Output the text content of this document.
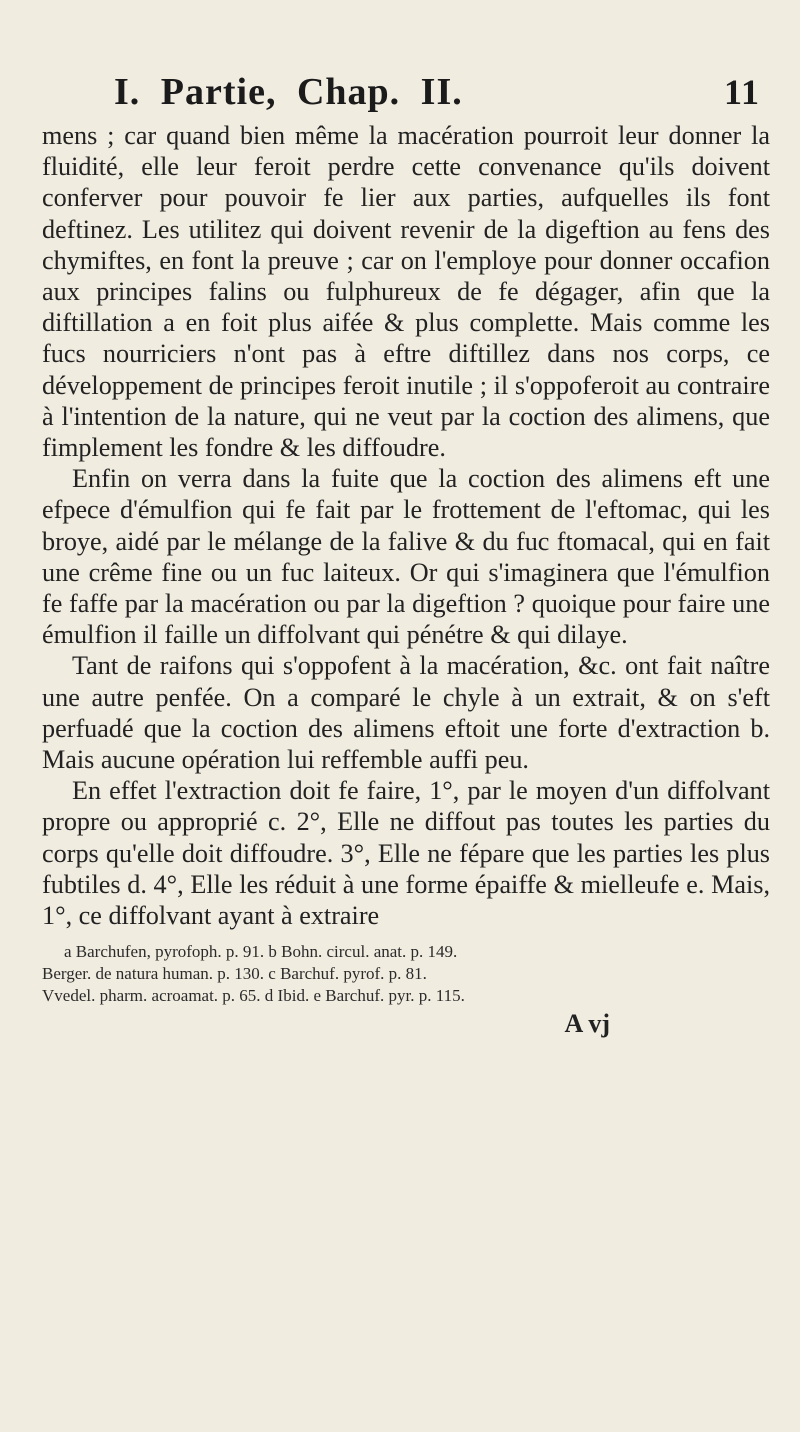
I. Partie, Chap. II.	11

mens ; car quand bien même la macération pourroit leur donner la fluidité, elle leur feroit perdre cette convenance qu'ils doivent conferver pour pouvoir fe lier aux parties, aufquelles ils font deftinez. Les utilitez qui doivent revenir de la digeftion au fens des chymiftes, en font la preuve ; car on l'employe pour donner occafion aux principes falins ou fulphureux de fe dégager, afin que la diftillation a en foit plus aifée & plus complette. Mais comme les fucs nourriciers n'ont pas à eftre diftillez dans nos corps, ce développement de principes feroit inutile ; il s'oppoferoit au contraire à l'intention de la nature, qui ne veut par la coction des alimens, que fimplement les fondre & les diffoudre.

Enfin on verra dans la fuite que la coction des alimens eft une efpece d'émulfion qui fe fait par le frottement de l'eftomac, qui les broye, aidé par le mélange de la falive & du fuc ftomacal, qui en fait une crême fine ou un fuc laiteux. Or qui s'imaginera que l'émulfion fe faffe par la macération ou par la digeftion ? quoique pour faire une émulfion il faille un diffolvant qui pénétre & qui dilaye.

Tant de raifons qui s'oppofent à la macération, &c. ont fait naître une autre penfée. On a comparé le chyle à un extrait, & on s'eft perfuadé que la coction des alimens eftoit une forte d'extraction b. Mais aucune opération lui reffemble auffi peu.

En effet l'extraction doit fe faire, 1°, par le moyen d'un diffolvant propre ou approprié c. 2°, Elle ne diffout pas toutes les parties du corps qu'elle doit diffoudre. 3°, Elle ne fépare que les parties les plus fubtiles d. 4°, Elle les réduit à une forme épaiffe & mielleufe e. Mais, 1°, ce diffolvant ayant à extraire

a Barchufen, pyrofoph. p. 91. b Bohn. circul. anat. p. 149.

Berger. de natura human. p. 130. c Barchuf. pyrof. p. 81.

Vvedel. pharm. acroamat. p. 65. d Ibid. e Barchuf. pyr. p. 115.

A vj
